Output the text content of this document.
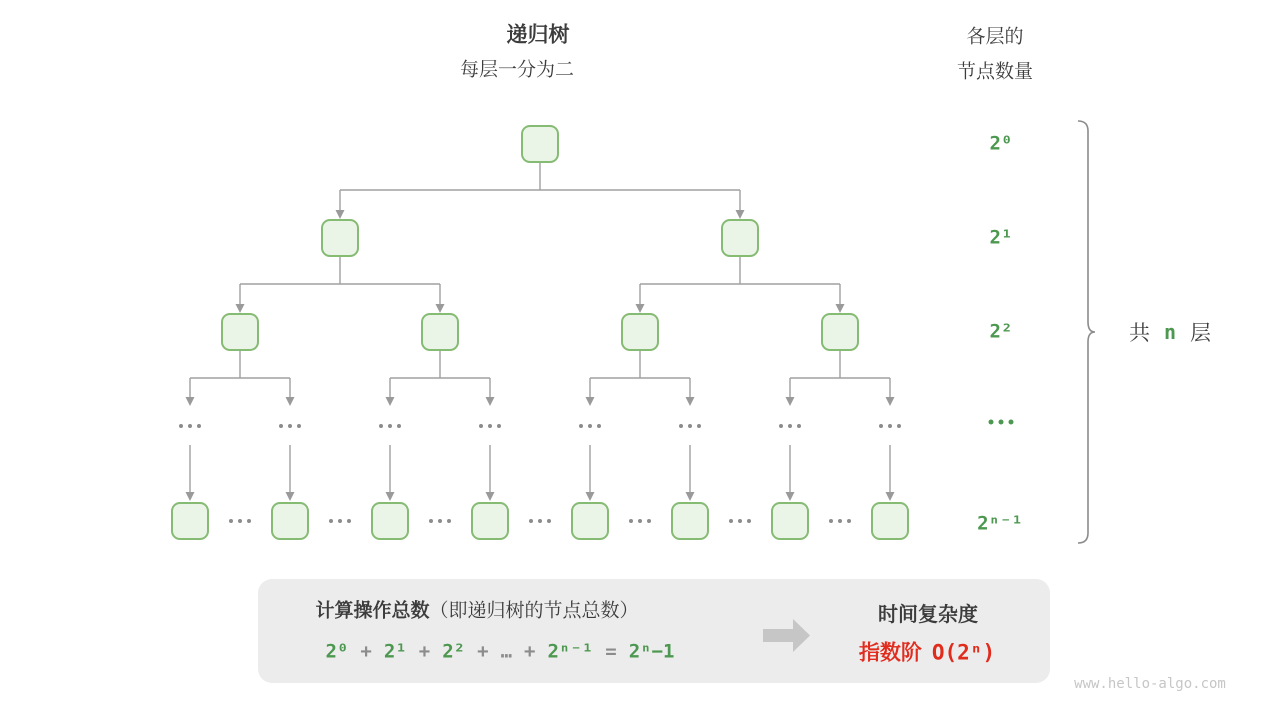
递归树
每层一分为二
各层的
节点数量
2⁰
2¹
2²
2ⁿ⁻¹
共 n 层
计算操作总数（即递归树的节点总数）
2⁰ + 2¹ + 2² + … + 2ⁿ⁻¹ = 2ⁿ−1
时间复杂度
指数阶 O(2ⁿ)
www.hello-algo.com
